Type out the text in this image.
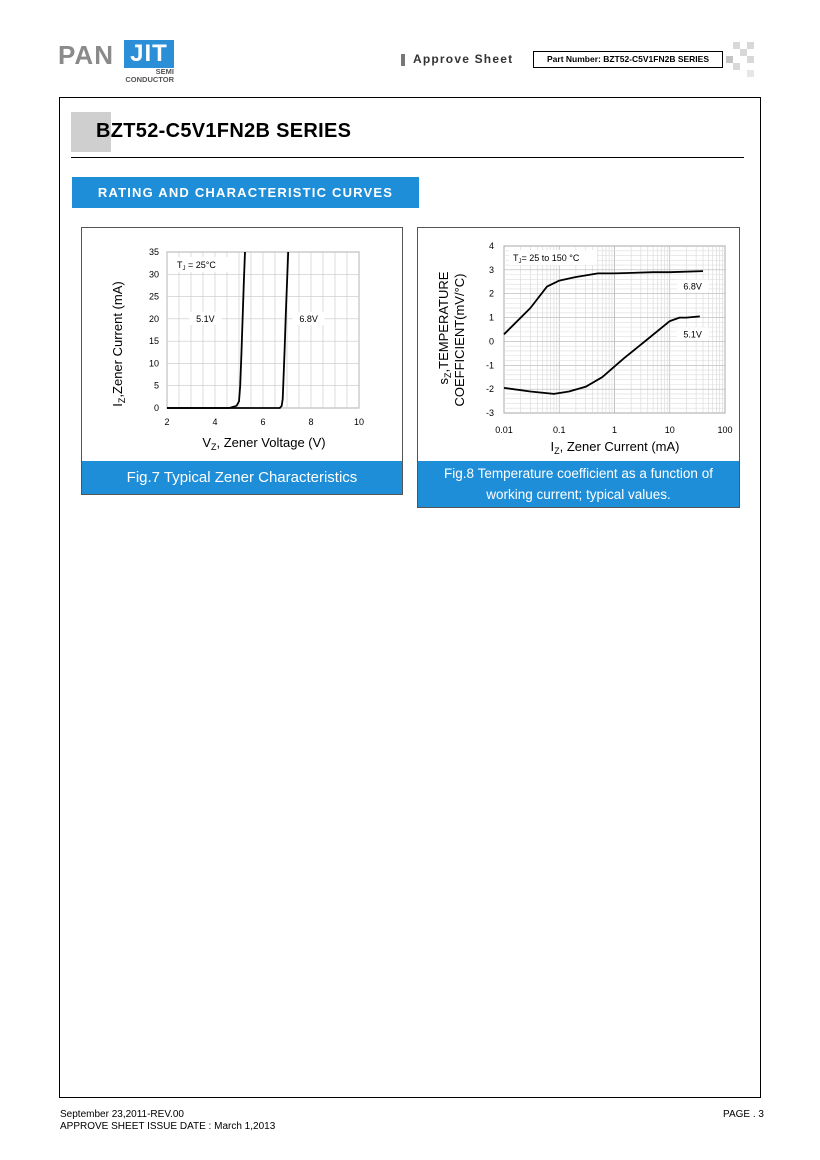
PAN JIT
SEMI
CONDUCTOR
Approve Sheet	Part Number: BZT52-C5V1FN2B SERIES
BZT52-C5V1FN2B SERIES
RATING AND CHARACTERISTIC CURVES
2	4	6	8	10
0
5
10
15
20
25
30
35
$I_Z,Zener$ Current (mA)
$V_Z$, Zener Voltage (V)
$T_J = 25^\circ C$
5.1V	6.8V
Fig.7 Typical Zener Characteristics
0.01	0.1	1	10	100
-3
-2
-1
0
1
2
3
4
$s_Z,TEMPERATURE$ COEFFICIENT(mV/°C)
$I_Z$, Zener Current (mA)
$T_J= 25$ to 150 °C
6.8V
5.1V
Fig.8 Temperature coefficient as a function of
working current; typical values.
September 23,2011-REV.00
APPROVE SHEET ISSUE DATE : March 1,2013
PAGE . 3
